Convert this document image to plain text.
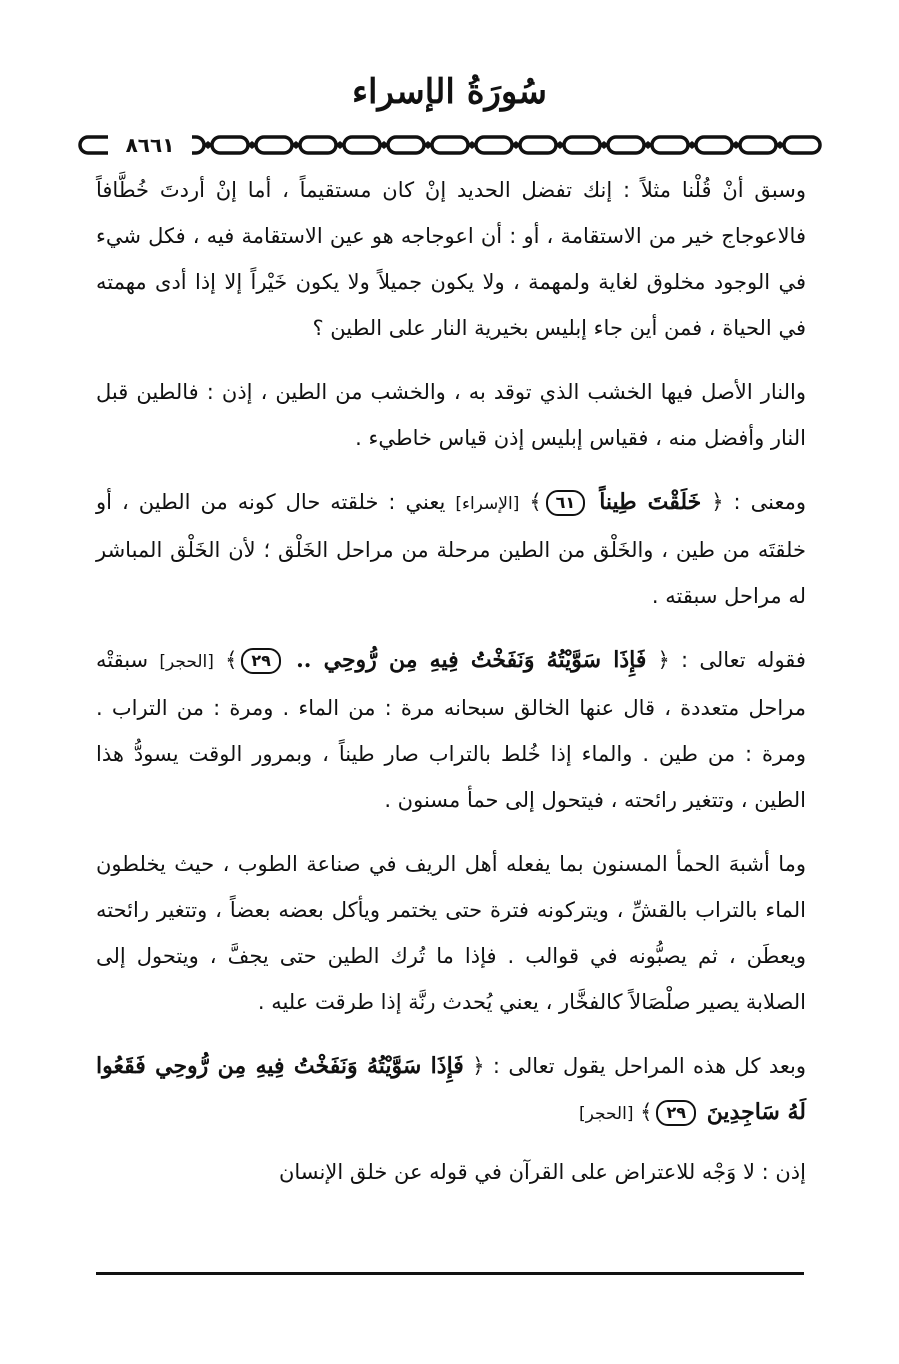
سُورَةُ الإسراء
٨٦٦١

وسبق أنْ قُلْنا مثلاً : إنك تفضل الحديد إنْ كان مستقيماً ، أما إنْ أردتَ خُطَّافاً فالاعوجاج خير من الاستقامة ، أو : أن اعوجاجه هو عين الاستقامة فيه ، فكل شيء في الوجود مخلوق لغاية ولمهمة ، ولا يكون جميلاً ولا يكون خَيْراً إلا إذا أدى مهمته في الحياة ، فمن أين جاء إبليس بخيرية النار على الطين ؟

والنار الأصل فيها الخشب الذي توقد به ، والخشب من الطين ، إذن : فالطين قبل النار وأفضل منه ، فقياس إبليس إذن قياس خاطيء .

ومعنى : ﴿ خَلَقْتَ طِيناً ٦١﴾ [الإسراء] يعني : خلقته حال كونه من الطين ، أو خلقتَه من طين ، والخَلْق من الطين مرحلة من مراحل الخَلْق ؛ لأن الخَلْق المباشر له مراحل سبقته .

فقوله تعالى : ﴿ فَإِذَا سَوَّيْتُهُ وَنَفَخْتُ فِيهِ مِن رُّوحِي .. ٢٩﴾ [الحجر] سبقتْه مراحل متعددة ، قال عنها الخالق سبحانه مرة : من الماء . ومرة : من التراب . ومرة : من طين . والماء إذا خُلط بالتراب صار طيناً ، وبمرور الوقت يسودُّ هذا الطين ، وتتغير رائحته ، فيتحول إلى حمأ مسنون .

وما أشبهَ الحمأ المسنون بما يفعله أهل الريف في صناعة الطوب ، حيث يخلطون الماء بالتراب بالقشِّ ، ويتركونه فترة حتى يختمر ويأكل بعضه بعضاً ، وتتغير رائحته ويعطَن ، ثم يصبُّونه في قوالب . فإذا ما تُرك الطين حتى يجفَّ ، ويتحول إلى الصلابة يصير صلْصَالاً كالفخَّار ، يعني يُحدث رنَّة إذا طرقت عليه .

وبعد كل هذه المراحل يقول تعالى : ﴿ فَإِذَا سَوَّيْتُهُ وَنَفَخْتُ فِيهِ مِن رُّوحِي فَقَعُوا لَهُ سَاجِدِينَ ٢٩﴾ [الحجر]

إذن : لا وَجْه للاعتراض على القرآن في قوله عن خلق الإنسان
